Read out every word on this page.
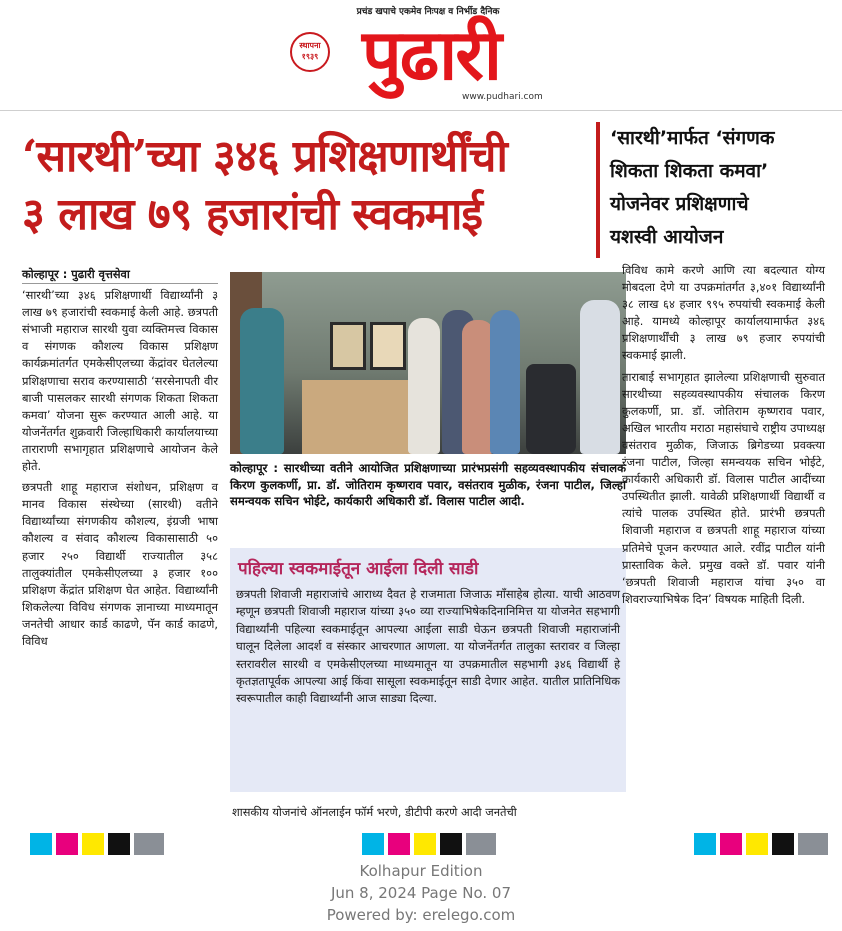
प्रचंड खपाचे एकमेव निःपक्ष व निर्भीड दैनिक
स्थापना
१९३९ पुढारी
www.pudhari.com
‘सारथी’च्या ३४६ प्रशिक्षणार्थींची
३ लाख ७९ हजारांची स्वकमाई
‘सारथी’मार्फत ‘संगणक
शिकता शिकता कमवा’
योजनेवर प्रशिक्षणाचे
यशस्वी आयोजन
कोल्हापूर : पुढारी वृत्तसेवा

‘सारथी’च्या ३४६ प्रशिक्षणार्थी विद्यार्थ्यांनी ३ लाख ७९ हजारांची स्वकमाई केली आहे. छत्रपती संभाजी महाराज सारथी युवा व्यक्तिमत्त्व विकास व संगणक कौशल्य विकास प्रशिक्षण कार्यक्रमांतर्गत एमकेसीएलच्या केंद्रांवर घेतलेल्या प्रशिक्षणाचा सराव करण्यासाठी ‘सरसेनापती वीर बाजी पासलकर सारथी संगणक शिकता शिकता कमवा’ योजना सुरू करण्यात आली आहे. या योजनेंतर्गत शुक्रवारी जिल्हाधिकारी कार्यालयाच्या ताराराणी सभागृहात प्रशिक्षणाचे आयोजन केले होते.

छत्रपती शाहू महाराज संशोधन, प्रशिक्षण व मानव विकास संस्थेच्या (सारथी) वतीने विद्यार्थ्यांच्या संगणकीय कौशल्य, इंग्रजी भाषा कौशल्य व संवाद कौशल्य विकासासाठी ५० हजार २५० विद्यार्थी राज्यातील ३५८ तालुक्यांतील एमकेसीएलच्या ३ हजार १०० प्रशिक्षण केंद्रांत प्रशिक्षण घेत आहेत. विद्यार्थ्यांनी शिकलेल्या विविध संगणक ज्ञानाच्या माध्यमातून जनतेची आधार कार्ड काढणे, पॅन कार्ड काढणे, विविध

कोल्हापूर : सारथीच्या वतीने आयोजित प्रशिक्षणाच्या प्रारंभप्रसंगी सहव्यवस्थापकीय संचालक किरण कुलकर्णी, प्रा. डॉ. जोतिराम कृष्णराव पवार, वसंतराव मुळीक, रंजना पाटील, जिल्हा समन्वयक सचिन भोईटे, कार्यकारी अधिकारी डॉ. विलास पाटील आदी.
पहिल्या स्वकमाईतून आईला दिली साडी
छत्रपती शिवाजी महाराजांचे आराध्य दैवत हे राजमाता जिजाऊ माँसाहेब होत्या. याची आठवण म्हणून छत्रपती शिवाजी महाराज यांच्या ३५० व्या राज्याभिषेकदिनानिमित्त या योजनेत सहभागी विद्यार्थ्यांनी पहिल्या स्वकमाईतून आपल्या आईला साडी घेऊन छत्रपती शिवाजी महाराजांनी घालून दिलेला आदर्श व संस्कार आचरणात आणला. या योजनेंतर्गत तालुका स्तरावर व जिल्हा स्तरावरील सारथी व एमकेसीएलच्या माध्यमातून या उपक्रमातील सहभागी ३४६ विद्यार्थी हे कृतज्ञतापूर्वक आपल्या आई किंवा सासूला स्वकमाईतून साडी देणार आहेत. यातील प्रातिनिधिक स्वरूपातील काही विद्यार्थ्यांनी आज साड्या दिल्या.
शासकीय योजनांचे ऑनलाईन फॉर्म भरणे, डीटीपी करणे आदी जनतेची

विविध कामे करणे आणि त्या बदल्यात योग्य मोबदला देणे या उपक्रमांतर्गत ३,४०१ विद्यार्थ्यांनी ३८ लाख ६४ हजार ९९५ रुपयांची स्वकमाई केली आहे. यामध्ये कोल्हापूर कार्यालयामार्फत ३४६ प्रशिक्षणार्थींची ३ लाख ७९ हजार रुपयांची स्वकमाई झाली.

ताराबाई सभागृहात झालेल्या प्रशिक्षणाची सुरुवात सारथीच्या सहव्यवस्थापकीय संचालक किरण कुलकर्णी, प्रा. डॉ. जोतिराम कृष्णराव पवार, अखिल भारतीय मराठा महासंघाचे राष्ट्रीय उपाध्यक्ष वसंतराव मुळीक, जिजाऊ ब्रिगेडच्या प्रवक्त्या रंजना पाटील, जिल्हा समन्वयक सचिन भोईटे, कार्यकारी अधिकारी डॉ. विलास पाटील आदींच्या उपस्थितीत झाली. यावेळी प्रशिक्षणार्थी विद्यार्थी व त्यांचे पालक उपस्थित होते. प्रारंभी छत्रपती शिवाजी महाराज व छत्रपती शाहू महाराज यांच्या प्रतिमेचे पूजन करण्यात आले. रवींद्र पाटील यांनी प्रास्ताविक केले. प्रमुख वक्ते डॉ. पवार यांनी ‘छत्रपती शिवाजी महाराज यांचा ३५० वा शिवराज्याभिषेक दिन’ विषयक माहिती दिली.

Kolhapur Edition
Jun 8, 2024 Page No. 07
Powered by: erelego.com
